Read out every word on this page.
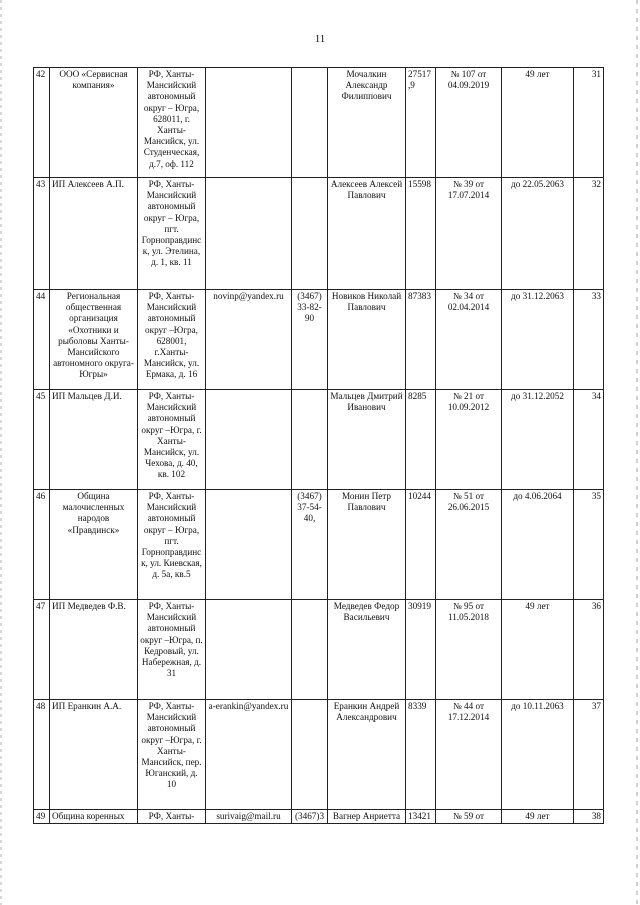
11
42	ООО «Сервисная компания»	РФ, Ханты-Мансийский автономный округ – Югра, 628011, г. Ханты-Мансийск, ул. Студенческая, д.7, оф. 112			Мочалкин Александр Филиппович	27517,9	№ 107 от 04.09.2019	49 лет	31
43	ИП Алексеев А.П.	РФ, Ханты-Мансийский автономный округ – Югра, пгт. Горноправдинск, ул. Этелина, д. 1, кв. 11			Алексеев Алексей Павлович	15598	№ 39 от 17.07.2014	до 22.05.2063	32
44	Региональная общественная организация «Охотники и рыболовы Ханты-Мансийского автономного округа-Югры»	РФ, Ханты-Мансийский автономный округ –Югра, 628001, г.Ханты-Мансийск, ул. Ермака, д. 16	novinp@yandex.ru	(3467) 33-82-90	Новиков Николай Павлович	87383	№ 34 от 02.04.2014	до 31.12.2063	33
45	ИП Мальцев Д.И.	РФ, Ханты-Мансийский автономный округ –Югра, г. Ханты-Мансийск, ул. Чехова, д. 40, кв. 102			Мальцев Дмитрий Иванович	8285	№ 21 от 10.09.2012	до 31.12.2052	34
46	Община малочисленных народов «Правдинск»	РФ, Ханты-Мансийский автономный округ – Югра, пгт. Горноправдинск, ул. Киевская, д. 5а, кв.5		(3467) 37-54-40,	Монин Петр Павлович	10244	№ 51 от 26.06.2015	до 4.06.2064	35
47	ИП Медведев Ф.В.	РФ, Ханты-Мансийский автономный округ –Югра, п. Кедровый, ул. Набережная, д. 31			Медведев Федор Васильевич	30919	№ 95 от 11.05.2018	49 лет	36
48	ИП Еранкин А.А.	РФ, Ханты-Мансийский автономный округ –Югра, г. Ханты-Мансийск, пер. Юганский, д. 10	a-erankin@yandex.ru		Еранкин Андрей Александрович	8339	№ 44 от 17.12.2014	до 10.11.2063	37
49	Община коренных	РФ, Ханты-	surivaig@mail.ru	(3467)3	Вагнер Анриетта	13421	№ 59 от	49 лет	38
